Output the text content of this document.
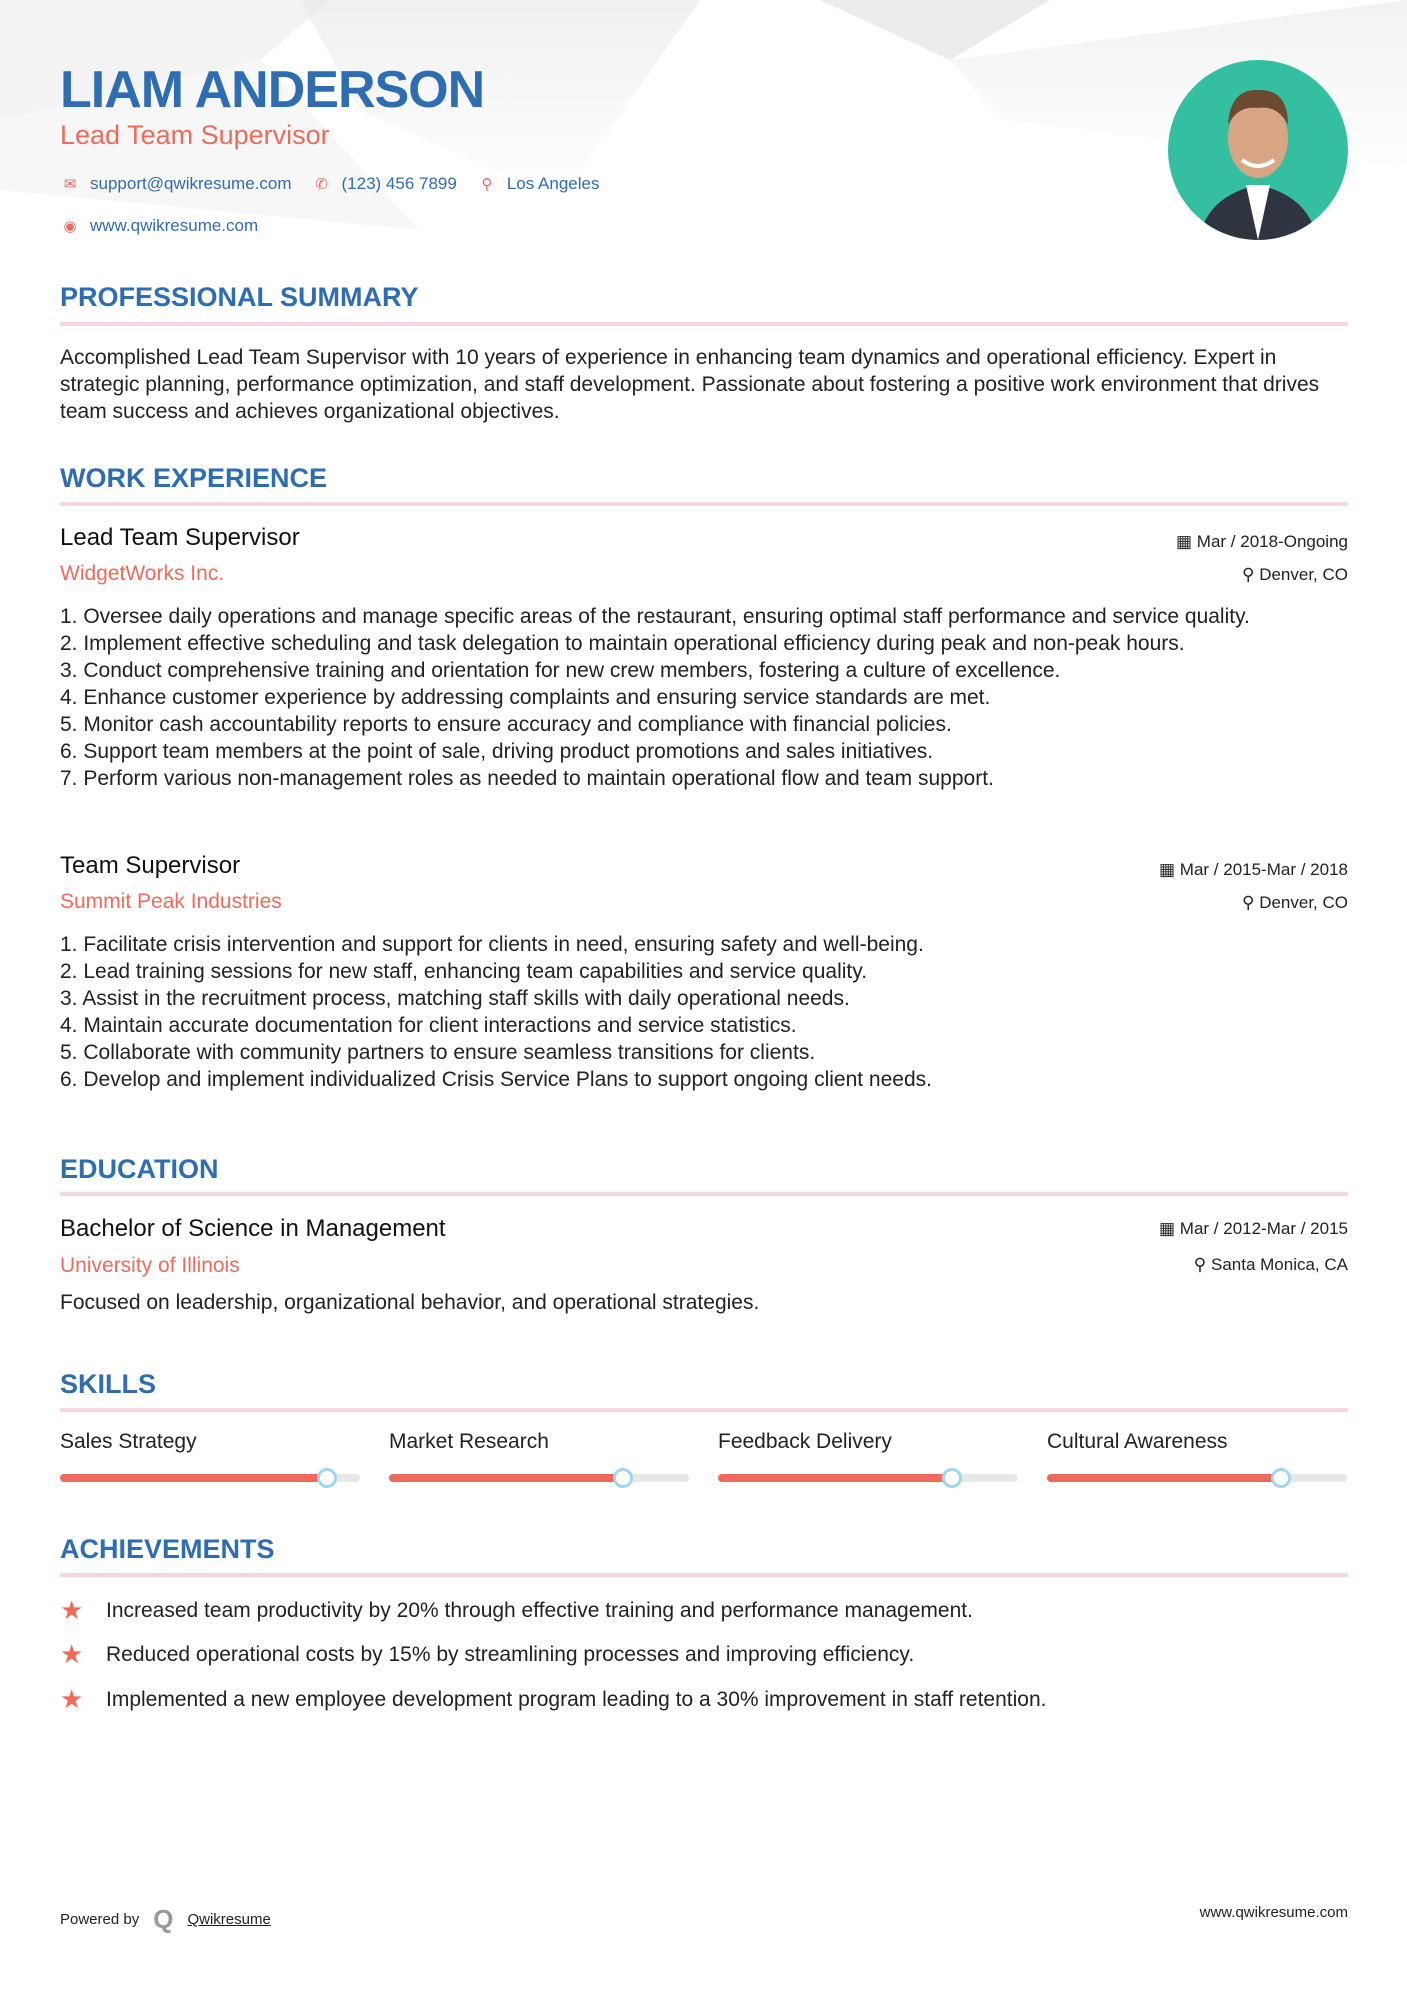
LIAM ANDERSON
Lead Team Supervisor
✉ support@qwikresume.com ✆ (123) 456 7899	⚲ Los Angeles
◉ www.qwikresume.com
PROFESSIONAL SUMMARY
Accomplished Lead Team Supervisor with 10 years of experience in enhancing team dynamics and operational efficiency. Expert in strategic planning, performance optimization, and staff development. Passionate about fostering a positive work environment that drives team success and achieves organizational objectives.
WORK EXPERIENCE
Lead Team Supervisor
WidgetWorks Inc.
▦ Mar / 2018-Ongoing
⚲ Denver, CO
1. Oversee daily operations and manage specific areas of the restaurant, ensuring optimal staff performance and service quality.
2. Implement effective scheduling and task delegation to maintain operational efficiency during peak and non-peak hours.
3. Conduct comprehensive training and orientation for new crew members, fostering a culture of excellence.
4. Enhance customer experience by addressing complaints and ensuring service standards are met.
5. Monitor cash accountability reports to ensure accuracy and compliance with financial policies.
6. Support team members at the point of sale, driving product promotions and sales initiatives.
7. Perform various non-management roles as needed to maintain operational flow and team support.
Team Supervisor
Summit Peak Industries
▦ Mar / 2015-Mar / 2018
⚲ Denver, CO
1. Facilitate crisis intervention and support for clients in need, ensuring safety and well-being.
2. Lead training sessions for new staff, enhancing team capabilities and service quality.
3. Assist in the recruitment process, matching staff skills with daily operational needs.
4. Maintain accurate documentation for client interactions and service statistics.
5. Collaborate with community partners to ensure seamless transitions for clients.
6. Develop and implement individualized Crisis Service Plans to support ongoing client needs.
EDUCATION
Bachelor of Science in Management
University of Illinois
▦ Mar / 2012-Mar / 2015
⚲ Santa Monica, CA
Focused on leadership, organizational behavior, and operational strategies.
SKILLS
Sales Strategy	Market Research	Feedback Delivery	Cultural Awareness
ACHIEVEMENTS
★	Increased team productivity by 20% through effective training and performance management.
★	Reduced operational costs by 15% by streamlining processes and improving efficiency.
★	Implemented a new employee development program leading to a 30% improvement in staff retention.
Powered by Q Qwikresume	www.qwikresume.com
